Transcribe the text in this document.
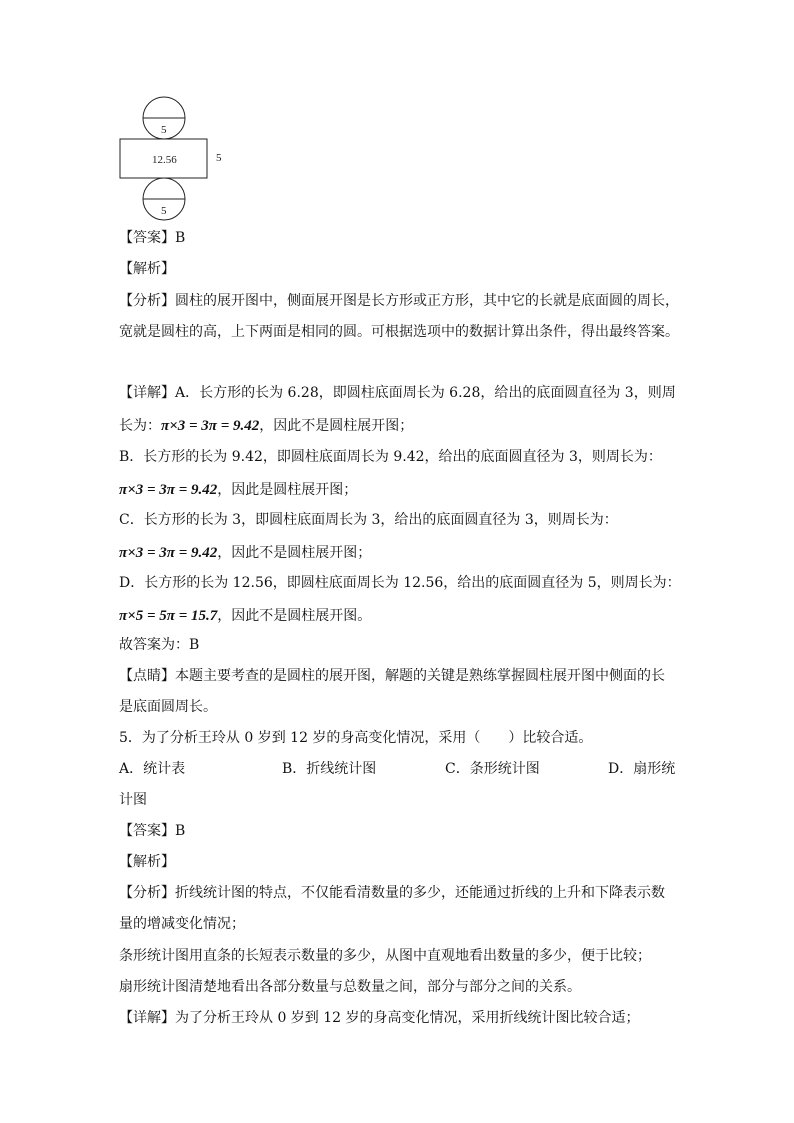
5
12.56	5
5
【答案】B
【解析】
【分析】圆柱的展开图中，侧面展开图是长方形或正方形，其中它的长就是底面圆的周长，
宽就是圆柱的高，上下两面是相同的圆。可根据选项中的数据计算出条件，得出最终答案。
【详解】A．长方形的长为 6.28，即圆柱底面周长为 6.28，给出的底面圆直径为 3，则周
长为：π×3 = 3π = 9.42，因此不是圆柱展开图；
B．长方形的长为 9.42，即圆柱底面周长为 9.42，给出的底面圆直径为 3，则周长为：
π×3 = 3π = 9.42，因此是圆柱展开图；
C．长方形的长为 3，即圆柱底面周长为 3，给出的底面圆直径为 3，则周长为：
π×3 = 3π = 9.42，因此不是圆柱展开图；
D．长方形的长为 12.56，即圆柱底面周长为 12.56，给出的底面圆直径为 5，则周长为：
π×5 = 5π = 15.7，因此不是圆柱展开图。
故答案为：B
【点睛】本题主要考查的是圆柱的展开图，解题的关键是熟练掌握圆柱展开图中侧面的长
是底面圆周长。
5．为了分析王玲从 0 岁到 12 岁的身高变化情况，采用（　　）比较合适。
A．统计表	B．折线统计图	C．条形统计图	D．扇形统
计图
【答案】B
【解析】
【分析】折线统计图的特点，不仅能看清数量的多少，还能通过折线的上升和下降表示数
量的增减变化情况；
条形统计图用直条的长短表示数量的多少，从图中直观地看出数量的多少，便于比较；
扇形统计图清楚地看出各部分数量与总数量之间，部分与部分之间的关系。
【详解】为了分析王玲从 0 岁到 12 岁的身高变化情况，采用折线统计图比较合适；
